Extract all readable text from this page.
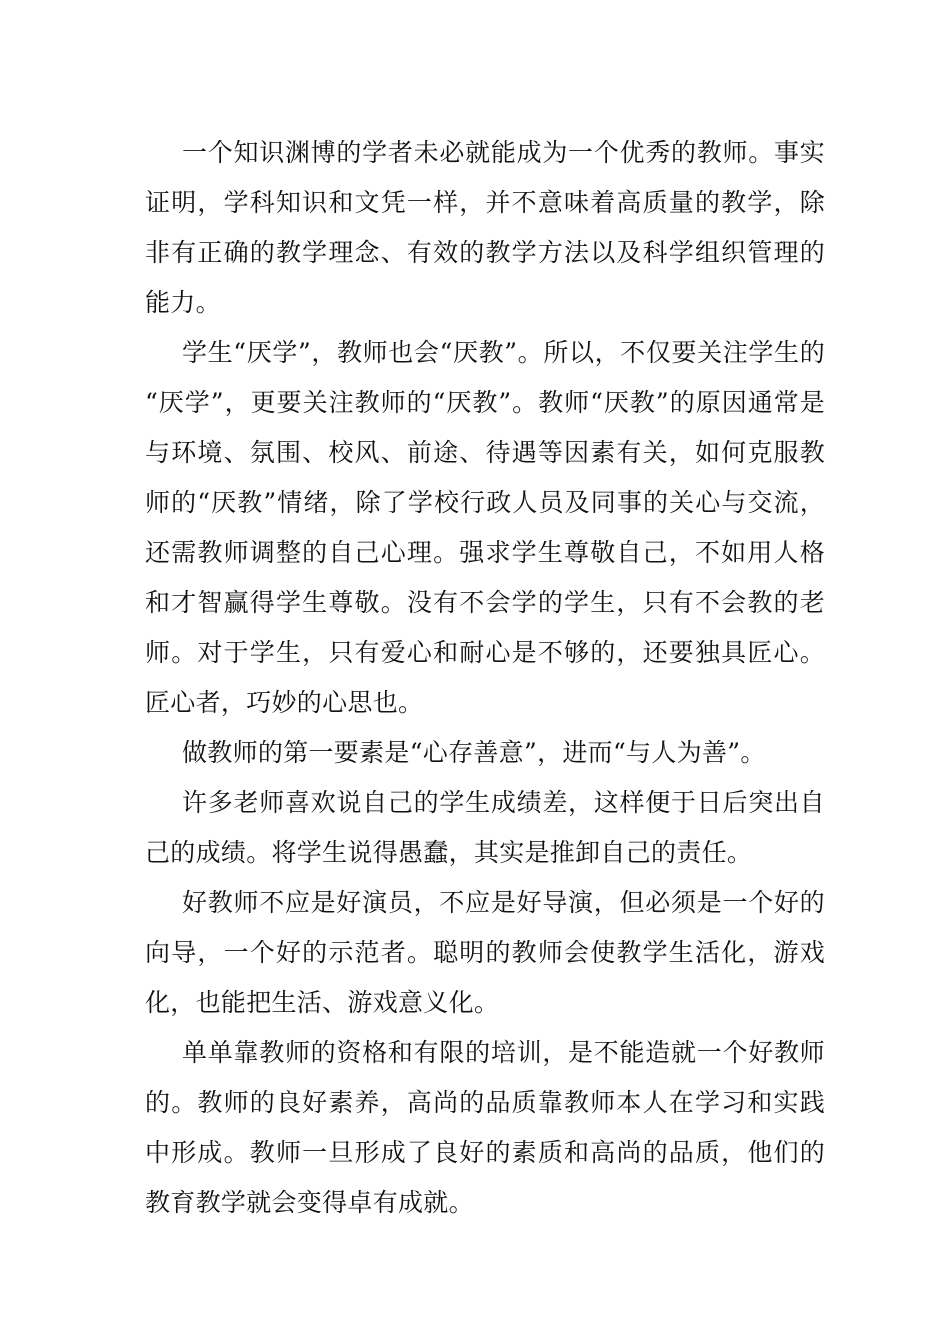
一个知识渊博的学者未必就能成为一个优秀的教师。事实证明，学科知识和文凭一样，并不意味着高质量的教学，除非有正确的教学理念、有效的教学方法以及科学组织管理的能力。

学生“厌学”，教师也会“厌教”。所以，不仅要关注学生的“厌学”，更要关注教师的“厌教”。教师“厌教”的原因通常是与环境、氛围、校风、前途、待遇等因素有关，如何克服教师的“厌教”情绪，除了学校行政人员及同事的关心与交流，还需教师调整的自己心理。强求学生尊敬自己，不如用人格和才智赢得学生尊敬。没有不会学的学生，只有不会教的老师。对于学生，只有爱心和耐心是不够的，还要独具匠心。匠心者，巧妙的心思也。

做教师的第一要素是“心存善意”，进而“与人为善”。

许多老师喜欢说自己的学生成绩差，这样便于日后突出自己的成绩。将学生说得愚蠢，其实是推卸自己的责任。

好教师不应是好演员，不应是好导演，但必须是一个好的向导，一个好的示范者。聪明的教师会使教学生活化，游戏化，也能把生活、游戏意义化。

单单靠教师的资格和有限的培训，是不能造就一个好教师的。教师的良好素养，高尚的品质靠教师本人在学习和实践中形成。教师一旦形成了良好的素质和高尚的品质，他们的教育教学就会变得卓有成就。
